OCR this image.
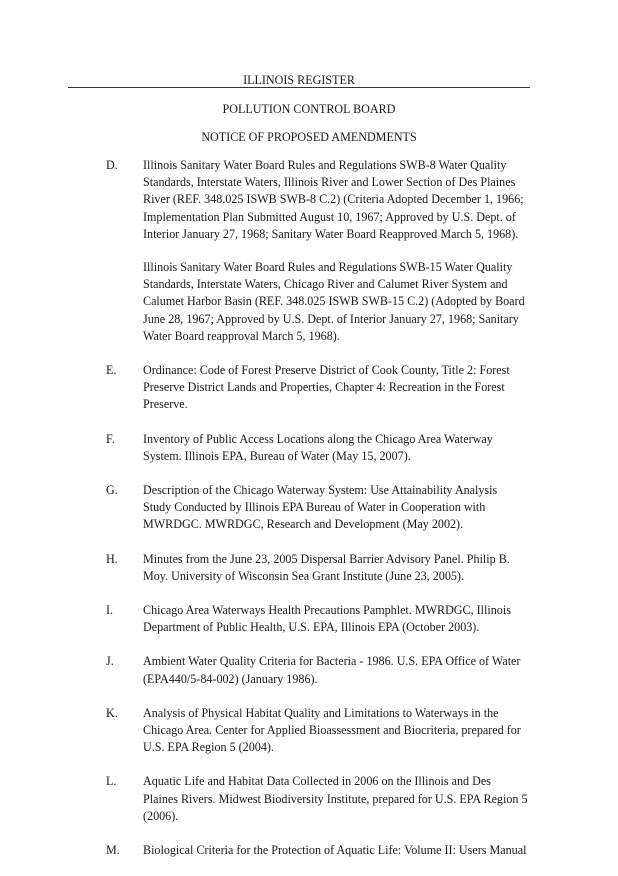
ILLINOIS REGISTER
POLLUTION CONTROL BOARD
NOTICE OF PROPOSED AMENDMENTS
D.	Illinois Sanitary Water Board Rules and Regulations SWB-8 Water Quality Standards, Interstate Waters, Illinois River and Lower Section of Des Plaines River (REF. 348.025 ISWB SWB-8 C.2) (Criteria Adopted December 1, 1966; Implementation Plan Submitted August 10, 1967; Approved by U.S. Dept. of Interior January 27, 1968; Sanitary Water Board Reapproved March 5, 1968).

Illinois Sanitary Water Board Rules and Regulations SWB-15 Water Quality Standards, Interstate Waters, Chicago River and Calumet River System and Calumet Harbor Basin (REF. 348.025 ISWB SWB-15 C.2) (Adopted by Board June 28, 1967; Approved by U.S. Dept. of Interior January 27, 1968; Sanitary Water Board reapproval March 5, 1968).

E.	Ordinance: Code of Forest Preserve District of Cook County, Title 2: Forest Preserve District Lands and Properties, Chapter 4: Recreation in the Forest Preserve.

F.	Inventory of Public Access Locations along the Chicago Area Waterway System. Illinois EPA, Bureau of Water (May 15, 2007).

G.	Description of the Chicago Waterway System: Use Attainability Analysis Study Conducted by Illinois EPA Bureau of Water in Cooperation with MWRDGC. MWRDGC, Research and Development (May 2002).

H.	Minutes from the June 23, 2005 Dispersal Barrier Advisory Panel. Philip B. Moy. University of Wisconsin Sea Grant Institute (June 23, 2005).

I.	Chicago Area Waterways Health Precautions Pamphlet. MWRDGC, Illinois Department of Public Health, U.S. EPA, Illinois EPA (October 2003).

J.	Ambient Water Quality Criteria for Bacteria - 1986. U.S. EPA Office of Water (EPA440/5-84-002) (January 1986).

K.	Analysis of Physical Habitat Quality and Limitations to Waterways in the Chicago Area. Center for Applied Bioassessment and Biocriteria, prepared for U.S. EPA Region 5 (2004).

L.	Aquatic Life and Habitat Data Collected in 2006 on the Illinois and Des Plaines Rivers. Midwest Biodiversity Institute, prepared for U.S. EPA Region 5 (2006).

M.	Biological Criteria for the Protection of Aquatic Life: Volume II: Users Manual
